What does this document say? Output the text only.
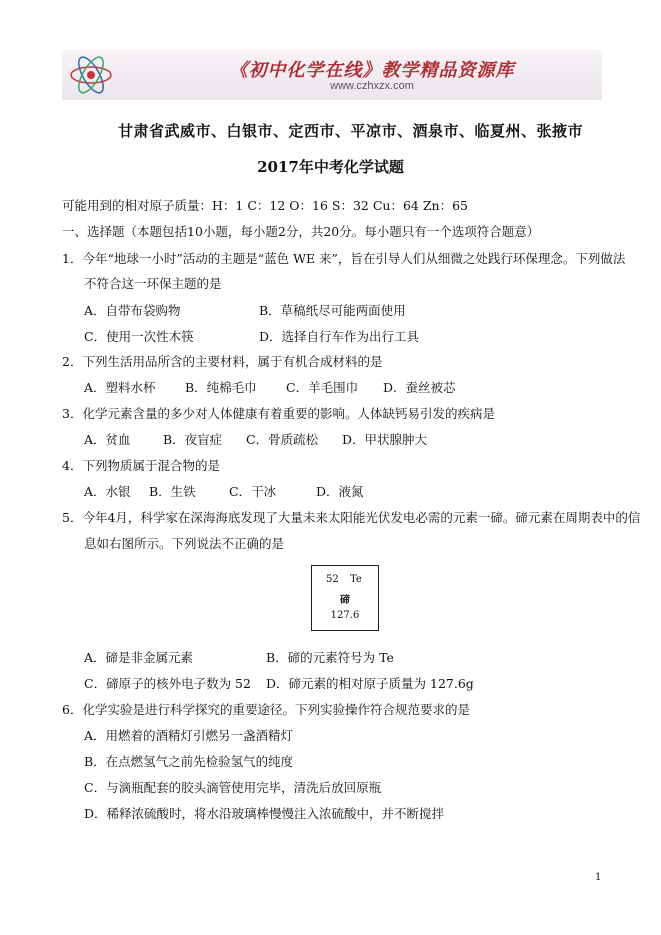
《初中化学在线》教学精品资源库
www.czhxzx.com
甘肃省武威市、白银市、定西市、平凉市、酒泉市、临夏州、张掖市
2017年中考化学试题
可能用到的相对原子质量：H：1 C：12 O：16 S：32 Cu：64 Zn：65
一、选择题（本题包括10小题，每小题2分，共20分。每小题只有一个选项符合题意）
1．今年“地球一小时”活动的主题是“蓝色 WE 来”，旨在引导人们从细微之处践行环保理念。下列做法
不符合这一环保主题的是
A．自带布袋购物	B．草稿纸尽可能两面使用
C．使用一次性木筷	D．选择自行车作为出行工具
2．下列生活用品所含的主要材料，属于有机合成材料的是
A．塑料水杯 B．纯棉毛巾 C．羊毛围巾 D．蚕丝被芯
3．化学元素含量的多少对人体健康有着重要的影响。人体缺钙易引发的疾病是
A．贫血	B．夜盲症 C．骨质疏松 D．甲状腺肿大
4．下列物质属于混合物的是
A．水银 B．生铁	C．干冰	D．液氮
5．今年4月，科学家在深海海底发现了大量未来太阳能光伏发电必需的元素一碲。碲元素在周期表中的信
息如右图所示。下列说法不正确的是
52 Te
碲
127.6
A．碲是非金属元素	B．碲的元素符号为 Te
C．碲原子的核外电子数为 52 D．碲元素的相对原子质量为 127.6g
6．化学实验是进行科学探究的重要途径。下列实验操作符合规范要求的是
A．用燃着的酒精灯引燃另一盏酒精灯
B．在点燃氢气之前先检验氢气的纯度
C．与滴瓶配套的胶头滴管使用完毕，清洗后放回原瓶
D．稀释浓硫酸时，将水沿玻璃棒慢慢注入浓硫酸中，并不断搅拌
1
